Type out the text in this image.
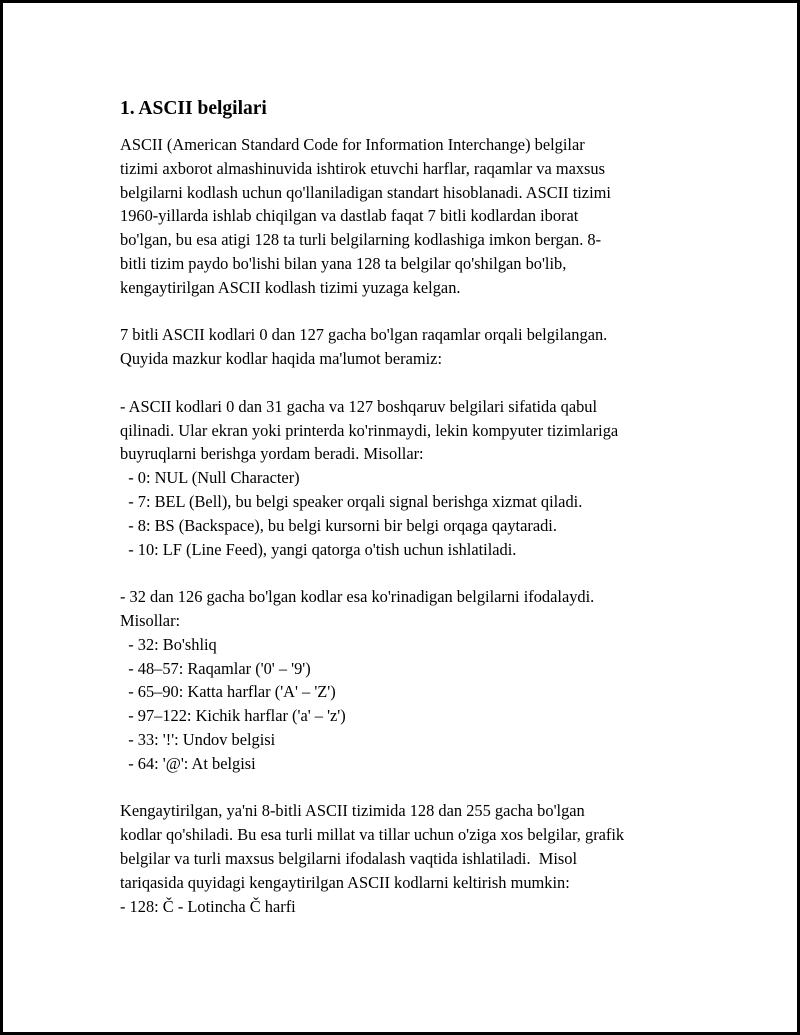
1. ASCII belgilari

ASCII (American Standard Code for Information Interchange) belgilar
tizimi axborot almashinuvida ishtirok etuvchi harflar, raqamlar va maxsus
belgilarni kodlash uchun qo'llaniladigan standart hisoblanadi. ASCII tizimi
1960-yillarda ishlab chiqilgan va dastlab faqat 7 bitli kodlardan iborat
bo'lgan, bu esa atigi 128 ta turli belgilarning kodlashiga imkon bergan. 8-
bitli tizim paydo bo'lishi bilan yana 128 ta belgilar qo'shilgan bo'lib,
kengaytirilgan ASCII kodlash tizimi yuzaga kelgan.

7 bitli ASCII kodlari 0 dan 127 gacha bo'lgan raqamlar orqali belgilangan.
Quyida mazkur kodlar haqida ma'lumot beramiz:

- ASCII kodlari 0 dan 31 gacha va 127 boshqaruv belgilari sifatida qabul
qilinadi. Ular ekran yoki printerda ko'rinmaydi, lekin kompyuter tizimlariga
buyruqlarni berishga yordam beradi. Misollar:
- 0: NUL (Null Character)
- 7: BEL (Bell), bu belgi speaker orqali signal berishga xizmat qiladi.
- 8: BS (Backspace), bu belgi kursorni bir belgi orqaga qaytaradi.
- 10: LF (Line Feed), yangi qatorga o'tish uchun ishlatiladi.

- 32 dan 126 gacha bo'lgan kodlar esa ko'rinadigan belgilarni ifodalaydi.
Misollar:
- 32: Bo'shliq
- 48–57: Raqamlar ('0' – '9')
- 65–90: Katta harflar ('A' – 'Z')
- 97–122: Kichik harflar ('a' – 'z')
- 33: '!': Undov belgisi
- 64: '@': At belgisi

Kengaytirilgan, ya'ni 8-bitli ASCII tizimida 128 dan 255 gacha bo'lgan
kodlar qo'shiladi. Bu esa turli millat va tillar uchun o'ziga xos belgilar, grafik
belgilar va turli maxsus belgilarni ifodalash vaqtida ishlatiladi.  Misol
tariqasida quyidagi kengaytirilgan ASCII kodlarni keltirish mumkin:
- 128: Č - Lotincha Č harfi
